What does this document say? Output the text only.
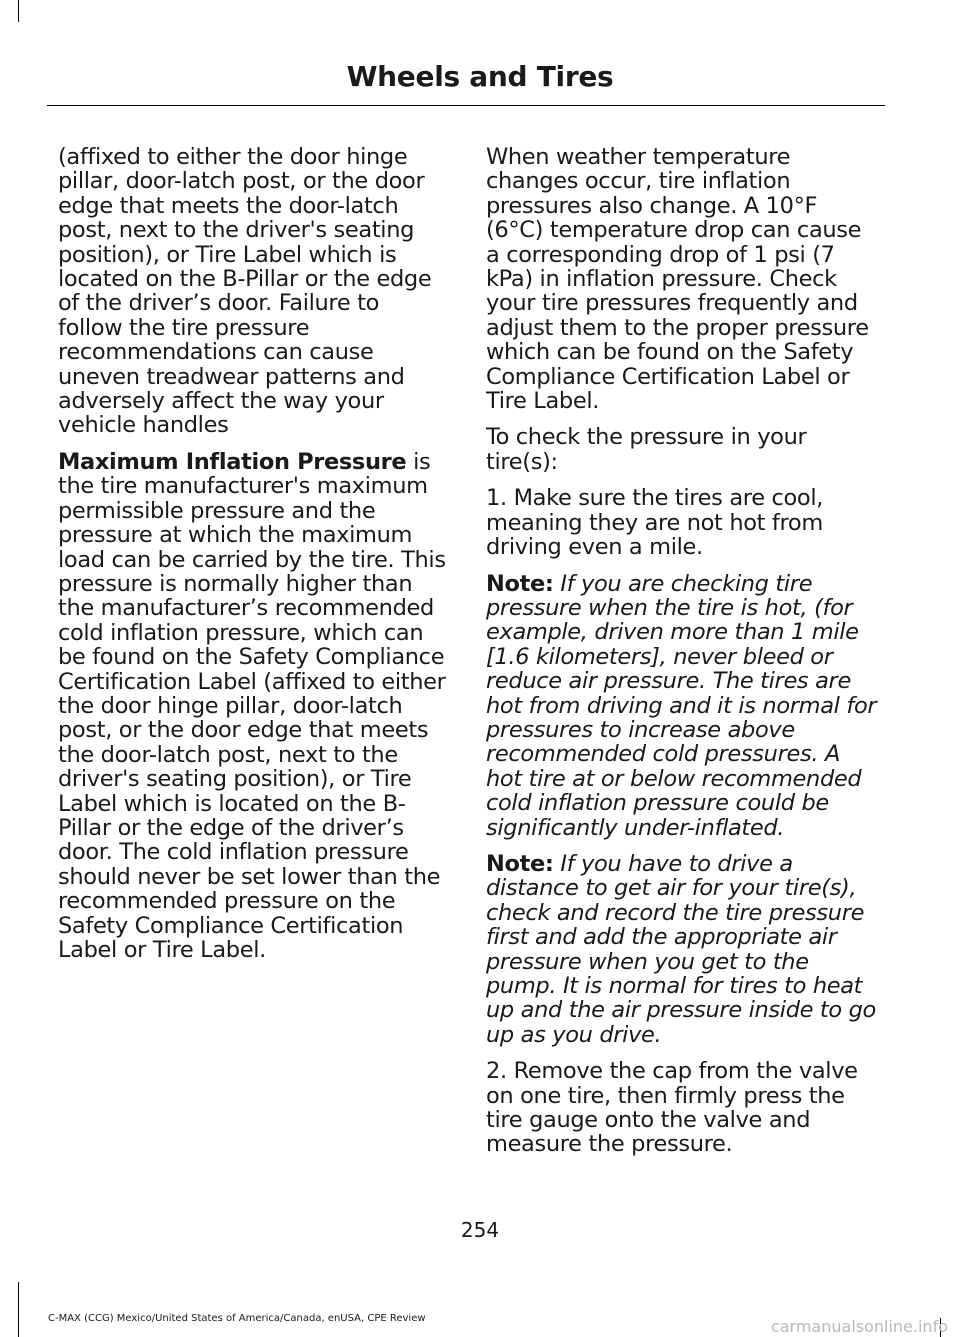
Wheels and Tires

(affixed to either the door hinge pillar, door-latch post, or the door edge that meets the door-latch post, next to the driver's seating position), or Tire Label which is located on the B-Pillar or the edge of the driver’s door. Failure to follow the tire pressure recommendations can cause uneven treadwear patterns and adversely affect the way your vehicle handles

Maximum Inflation Pressure is the tire manufacturer's maximum permissible pressure and the pressure at which the maximum load can be carried by the tire. This pressure is normally higher than the manufacturer’s recommended cold inflation pressure, which can be found on the Safety Compliance Certification Label (affixed to either the door hinge pillar, door-latch post, or the door edge that meets the door-latch post, next to the driver's seating position), or Tire Label which is located on the B-Pillar or the edge of the driver’s door. The cold inflation pressure should never be set lower than the recommended pressure on the Safety Compliance Certification Label or Tire Label.

When weather temperature changes occur, tire inflation pressures also change. A 10°F (6°C) temperature drop can cause a corresponding drop of 1 psi (7 kPa) in inflation pressure. Check your tire pressures frequently and adjust them to the proper pressure which can be found on the Safety Compliance Certification Label or Tire Label.

To check the pressure in your tire(s):

1. Make sure the tires are cool, meaning they are not hot from driving even a mile.

Note: If you are checking tire pressure when the tire is hot, (for example, driven more than 1 mile [1.6 kilometers], never bleed or reduce air pressure. The tires are hot from driving and it is normal for pressures to increase above recommended cold pressures. A hot tire at or below recommended cold inflation pressure could be significantly under-inflated.

Note: If you have to drive a distance to get air for your tire(s), check and record the tire pressure first and add the appropriate air pressure when you get to the pump. It is normal for tires to heat up and the air pressure inside to go up as you drive.

2. Remove the cap from the valve on one tire, then firmly press the tire gauge onto the valve and measure the pressure.

254
C-MAX (CCG) Mexico/United States of America/Canada, enUSA, CPE Review	carmanualsonline.info
